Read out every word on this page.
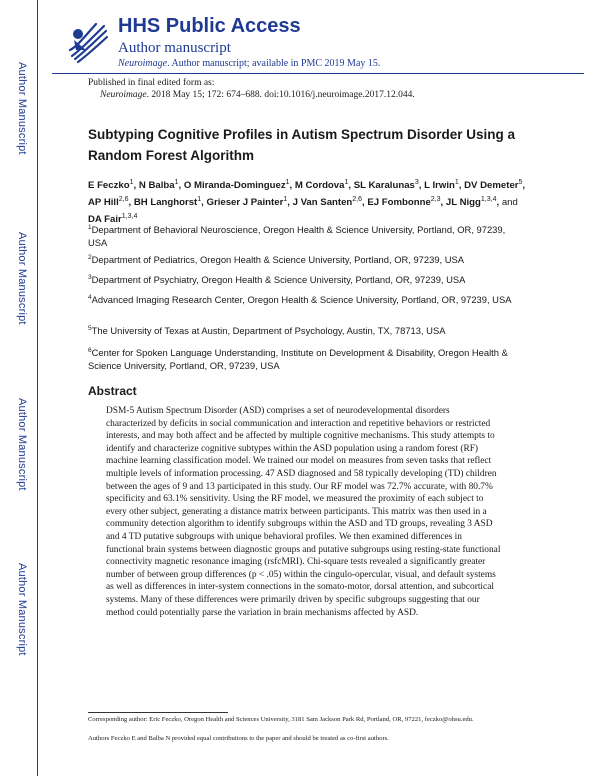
Author Manuscript
Author Manuscript
Author Manuscript
Author Manuscript
HHS Public Access
Author manuscript
Neuroimage. Author manuscript; available in PMC 2019 May 15.
Published in final edited form as:
Neuroimage. 2018 May 15; 172: 674–688. doi:10.1016/j.neuroimage.2017.12.044.
Subtyping Cognitive Profiles in Autism Spectrum Disorder Using a Random Forest Algorithm
E Feczko$^1$, N Balba$^1$, O Miranda-Dominguez$^1$, M Cordova$^1$, SL Karalunas$^3$, L Irwin$^1$, DV Demeter$^5$, AP Hill$^{2,6}$, BH Langhorst$^1$, Grieser J Painter$^1$, J Van Santen$^{2,6}$, EJ Fombonne$^{2,3}$, JL Nigg$^{1,3,4}$, and DA Fair$^{1,3,4}$
$^1$Department of Behavioral Neuroscience, Oregon Health & Science University, Portland, OR, 97239, USA
$^2$Department of Pediatrics, Oregon Health & Science University, Portland, OR, 97239, USA
$^3$Department of Psychiatry, Oregon Health & Science University, Portland, OR, 97239, USA
$^4$Advanced Imaging Research Center, Oregon Health & Science University, Portland, OR, 97239, USA
$^5$The University of Texas at Austin, Department of Psychology, Austin, TX, 78713, USA
$^6$Center for Spoken Language Understanding, Institute on Development & Disability, Oregon Health & Science University, Portland, OR, 97239, USA
Abstract
DSM-5 Autism Spectrum Disorder (ASD) comprises a set of neurodevelopmental disorders characterized by deficits in social communication and interaction and repetitive behaviors or restricted interests, and may both affect and be affected by multiple cognitive mechanisms. This study attempts to identify and characterize cognitive subtypes within the ASD population using a random forest (RF) machine learning classification model. We trained our model on measures from seven tasks that reflect multiple levels of information processing. 47 ASD diagnosed and 58 typically developing (TD) children between the ages of 9 and 13 participated in this study. Our RF model was 72.7% accurate, with 80.7% specificity and 63.1% sensitivity. Using the RF model, we measured the proximity of each subject to every other subject, generating a distance matrix between participants. This matrix was then used in a community detection algorithm to identify subgroups within the ASD and TD groups, revealing 3 ASD and 4 TD putative subgroups with unique behavioral profiles. We then examined differences in functional brain systems between diagnostic groups and putative subgroups using resting-state functional connectivity magnetic resonance imaging (rsfcMRI). Chi-square tests revealed a significantly greater number of between group differences (p < .05) within the cingulo-opercular, visual, and default systems as well as differences in inter-system connections in the somato-motor, dorsal attention, and subcortical systems. Many of these differences were primarily driven by specific subgroups suggesting that our method could potentially parse the variation in brain mechanisms affected by ASD.
Corresponding author: Eric Feczko, Oregon Health and Sciences University, 3181 Sam Jackson Park Rd, Portland, OR, 97221, feczko@ohsu.edu.
Authors Feczko E and Balba N provided equal contributions to the paper and should be treated as co-first authors.
